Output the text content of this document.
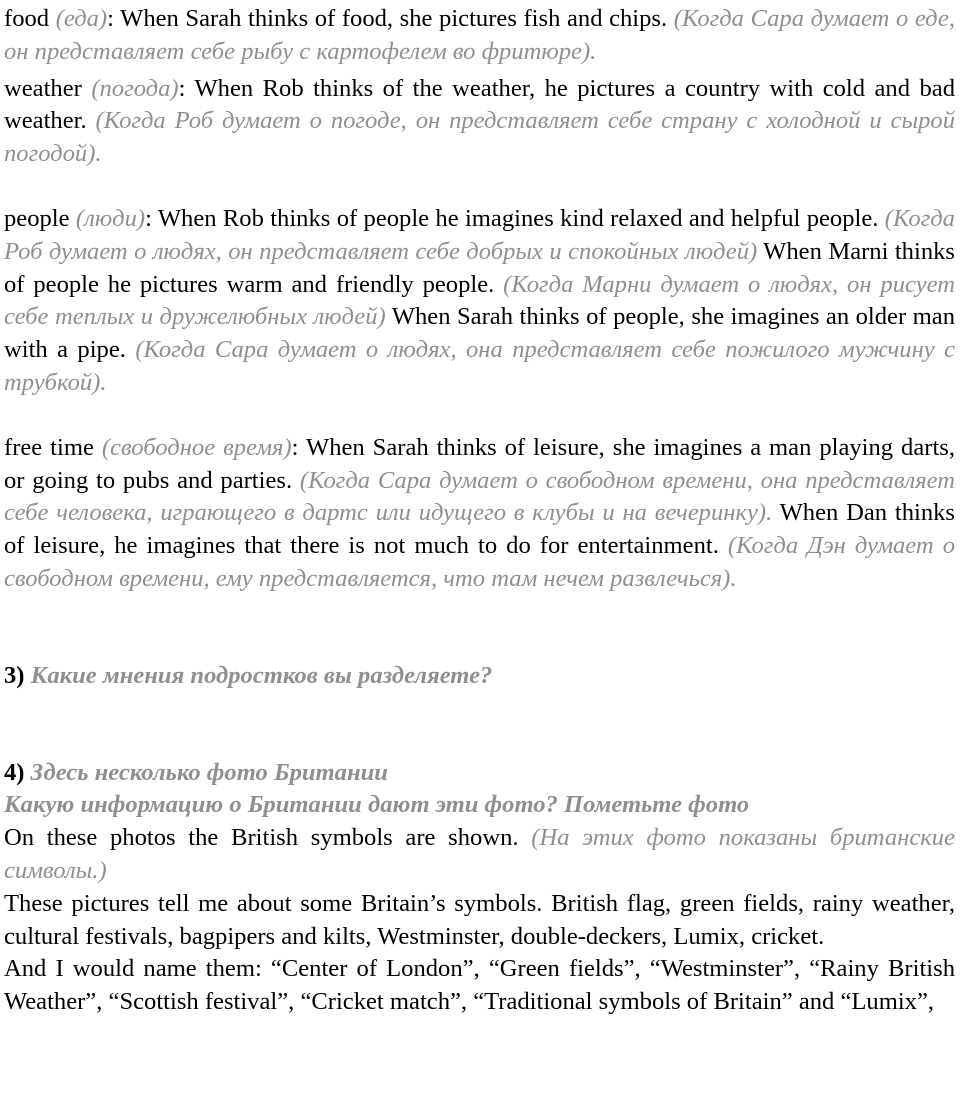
food (еда): When Sarah thinks of food, she pictures fish and chips. (Когда Сара думает о еде, он представляет себе рыбу с картофелем во фритюре).

weather (погода): When Rob thinks of the weather, he pictures a country with cold and bad weather. (Когда Роб думает о погоде, он представляет себе страну с холодной и сырой погодой).

people (люди): When Rob thinks of people he imagines kind relaxed and helpful people. (Когда Роб думает о людях, он представляет себе добрых и спокойных людей) When Marni thinks of people he pictures warm and friendly people. (Когда Марни думает о людях, он рисует себе теплых и дружелюбных людей) When Sarah thinks of people, she imagines an older man with a pipe. (Когда Сара думает о людях, она представляет себе пожилого мужчину с трубкой).

free time (свободное время): When Sarah thinks of leisure, she imagines a man playing darts, or going to pubs and parties. (Когда Сара думает о свободном времени, она представляет себе человека, играющего в дартс или идущего в клубы и на вечеринку). When Dan thinks of leisure, he imagines that there is not much to do for entertainment. (Когда Дэн думает о свободном времени, ему представляется, что там нечем развлечься).

3) Какие мнения подростков вы разделяете?

4) Здесь несколько фото Британии

Какую информацию о Британии дают эти фото? Пометьте фото

On these photos the British symbols are shown. (На этих фото показаны британские символы.)

These pictures tell me about some Britain’s symbols. British flag, green fields, rainy weather, cultural festivals, bagpipers and kilts, Westminster, double-deckers, Lumix, cricket.

And I would name them: “Center of London”, “Green fields”, “Westminster”, “Rainy British Weather”, “Scottish festival”, “Cricket match”, “Traditional symbols of Britain” and “Lumix”,
